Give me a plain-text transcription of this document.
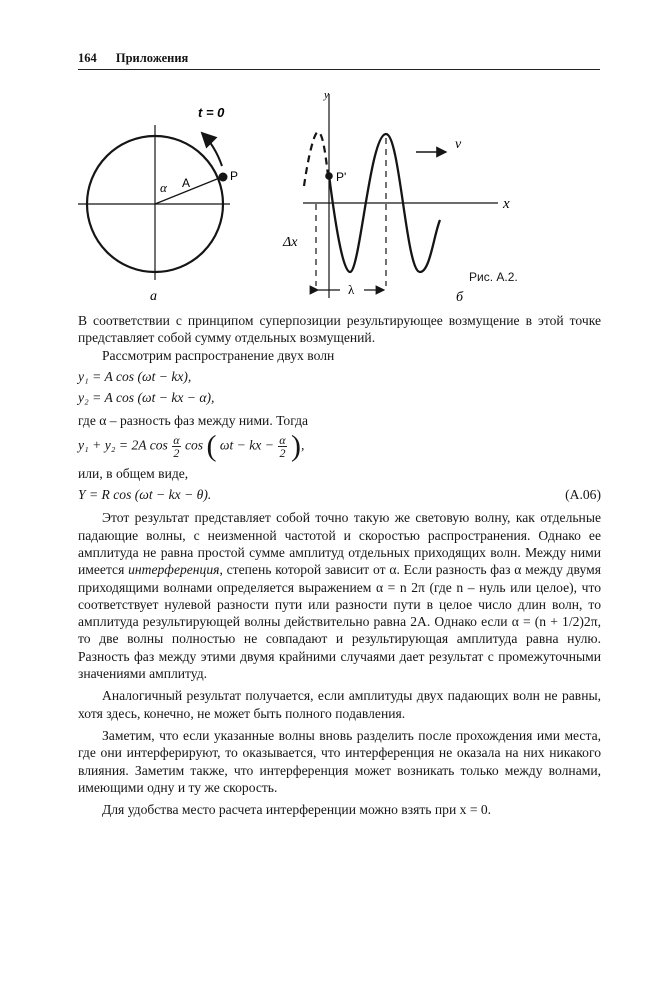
164 Приложения
t = 0
α A	P
a
y
x
P'
Δx
λ
v
б
Рис. А.2.

В соответствии с принципом суперпозиции результирующее возмущение в этой точке представляет собой сумму отдельных возмущений.

Рассмотрим распространение двух волн

y₁ = A cos (ωt − kx),
y₂ = A cos (ωt − kx − α),

где α – разность фаз между ними. Тогда

y₁ + y₂ = 2A $\cos \frac{\alpha}{2}$ cos ( ωt − kx − $\frac{\alpha}{2}$ ),

или, в общем виде,

Y = R cos (ωt − kx − θ).	(A.06)

Этот результат представляет собой точно такую же световую волну, как отдельные падающие волны, с неизменной частотой и скоростью распространения. Однако ее амплитуда не равна простой сумме амплитуд отдельных приходящих волн. Между ними имеется интерференция, степень которой зависит от α. Если разность фаз α между двумя приходящими волнами определяется выражением α = n 2π (где n – нуль или целое), что соответствует нулевой разности пути или разности пути в целое число длин волн, то амплитуда результирующей волны действительно равна 2A. Однако если α = (n + 1/2)2π, то две волны полностью не совпадают и результирующая амплитуда равна нулю. Разность фаз между этими двумя крайними случаями дает результат с промежуточными значениями амплитуд.

Аналогичный результат получается, если амплитуды двух падающих волн не равны, хотя здесь, конечно, не может быть полного подавления.

Заметим, что если указанные волны вновь разделить после прохождения ими места, где они интерферируют, то оказывается, что интерференция не оказала на них никакого влияния. Заметим также, что интерференция может возникать только между волнами, имеющими одну и ту же скорость.

Для удобства место расчета интерференции можно взять при x = 0.
